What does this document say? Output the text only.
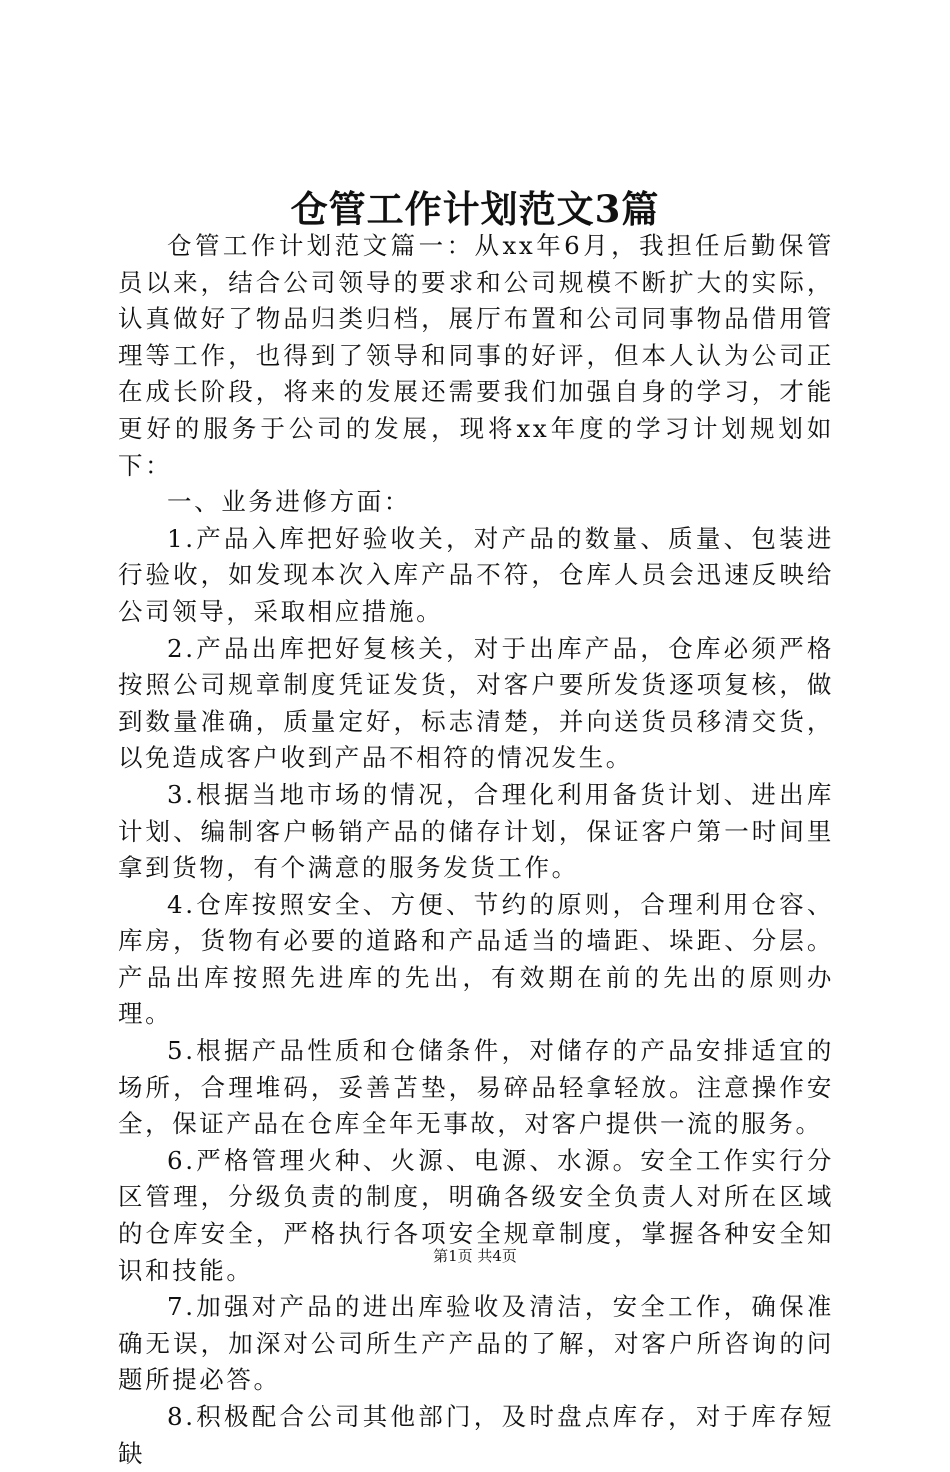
仓管工作计划范文3篇

仓管工作计划范文篇一：从xx年6月，我担任后勤保管员以来，结合公司领导的要求和公司规模不断扩大的实际，认真做好了物品归类归档，展厅布置和公司同事物品借用管理等工作，也得到了领导和同事的好评，但本人认为公司正在成长阶段，将来的发展还需要我们加强自身的学习，才能更好的服务于公司的发展，现将xx年度的学习计划规划如下：

一、业务进修方面：

1.产品入库把好验收关，对产品的数量、质量、包装进行验收，如发现本次入库产品不符，仓库人员会迅速反映给公司领导，采取相应措施。

2.产品出库把好复核关，对于出库产品，仓库必须严格按照公司规章制度凭证发货，对客户要所发货逐项复核，做到数量准确，质量定好，标志清楚，并向送货员移清交货，以免造成客户收到产品不相符的情况发生。

3.根据当地市场的情况，合理化利用备货计划、进出库计划、编制客户畅销产品的储存计划，保证客户第一时间里拿到货物，有个满意的服务发货工作。

4.仓库按照安全、方便、节约的原则，合理利用仓容、库房，货物有必要的道路和产品适当的墙距、垛距、分层。产品出库按照先进库的先出，有效期在前的先出的原则办理。

5.根据产品性质和仓储条件，对储存的产品安排适宜的场所，合理堆码，妥善苫垫，易碎品轻拿轻放。注意操作安全，保证产品在仓库全年无事故，对客户提供一流的服务。

6.严格管理火种、火源、电源、水源。安全工作实行分区管理，分级负责的制度，明确各级安全负责人对所在区域的仓库安全，严格执行各项安全规章制度，掌握各种安全知识和技能。

7.加强对产品的进出库验收及清洁，安全工作，确保准确无误，加深对公司所生产产品的了解，对客户所咨询的问题所提必答。

8.积极配合公司其他部门，及时盘点库存，对于库存短缺

第1页 共4页
